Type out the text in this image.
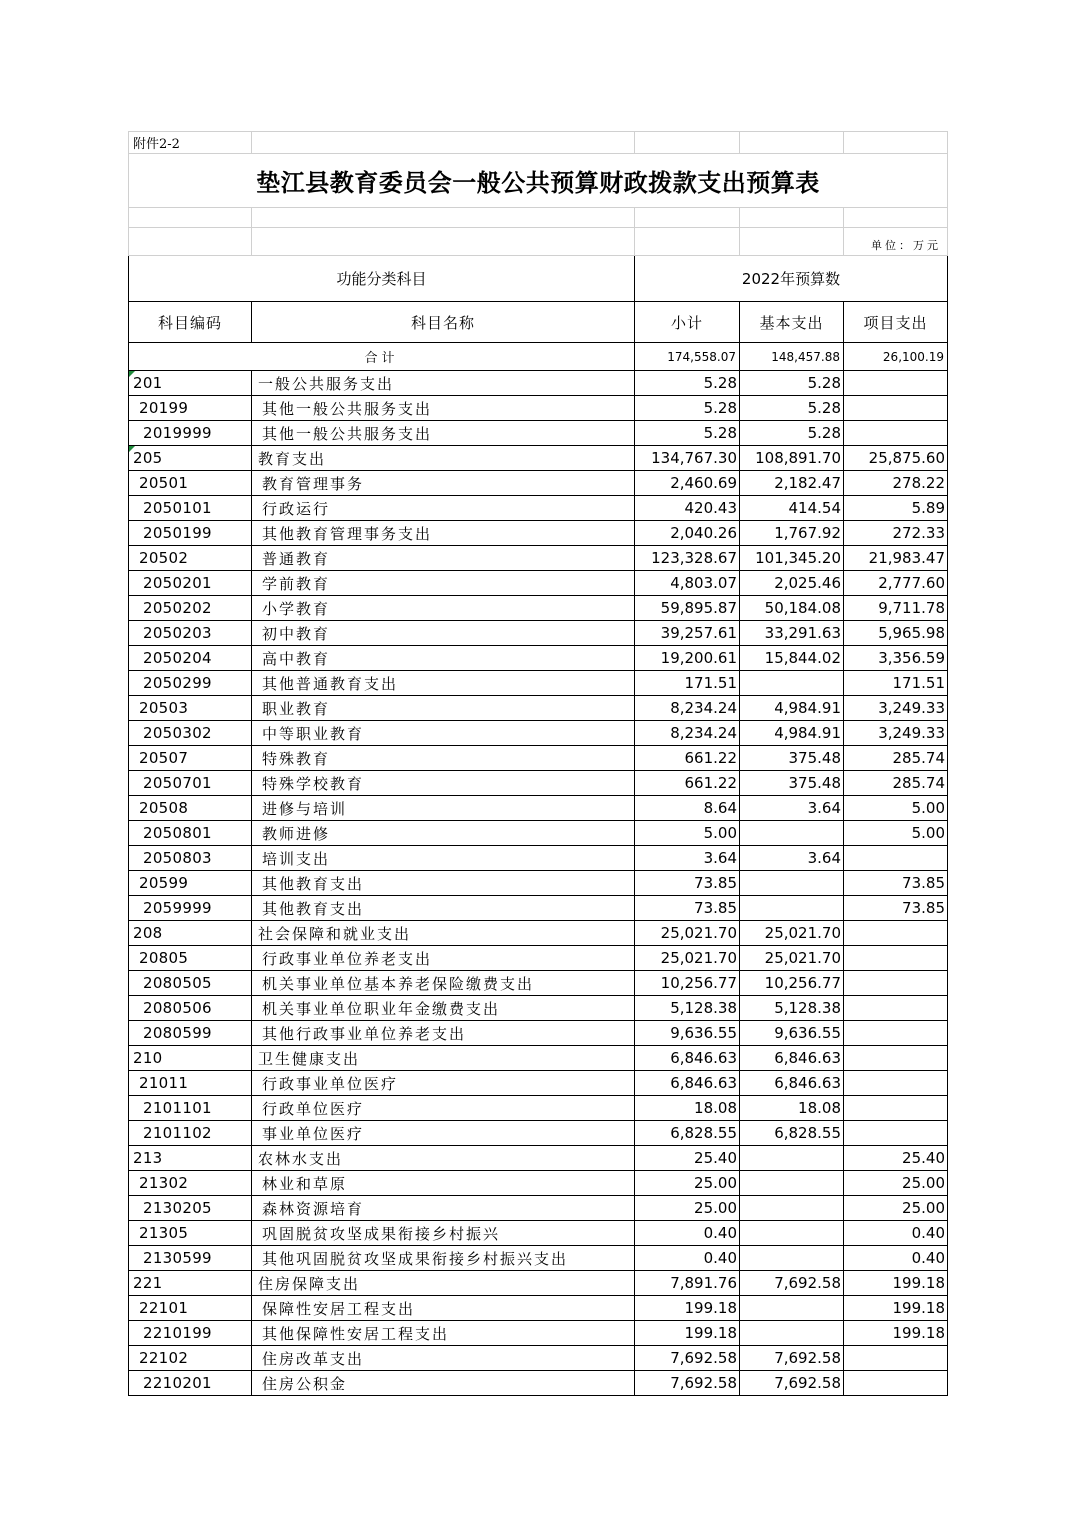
附件2-2				
垫江县教育委员会一般公共预算财政拨款支出预算表				

				单位：万元
功能分类科目		2022年预算数		
科目编码	科目名称	小计	基本支出	项目支出
合计		174,558.07	148,457.88	26,100.19
201	一般公共服务支出	5.28	5.28	
20199	其他一般公共服务支出	5.28	5.28	
2019999	其他一般公共服务支出	5.28	5.28	
205	教育支出	134,767.30	108,891.70	25,875.60
20501	教育管理事务	2,460.69	2,182.47	278.22
2050101	行政运行	420.43	414.54	5.89
2050199	其他教育管理事务支出	2,040.26	1,767.92	272.33
20502	普通教育	123,328.67	101,345.20	21,983.47
2050201	学前教育	4,803.07	2,025.46	2,777.60
2050202	小学教育	59,895.87	50,184.08	9,711.78
2050203	初中教育	39,257.61	33,291.63	5,965.98
2050204	高中教育	19,200.61	15,844.02	3,356.59
2050299	其他普通教育支出	171.51		171.51
20503	职业教育	8,234.24	4,984.91	3,249.33
2050302	中等职业教育	8,234.24	4,984.91	3,249.33
20507	特殊教育	661.22	375.48	285.74
2050701	特殊学校教育	661.22	375.48	285.74
20508	进修与培训	8.64	3.64	5.00
2050801	教师进修	5.00		5.00
2050803	培训支出	3.64	3.64	
20599	其他教育支出	73.85		73.85
2059999	其他教育支出	73.85		73.85
208	社会保障和就业支出	25,021.70	25,021.70	
20805	行政事业单位养老支出	25,021.70	25,021.70	
2080505	机关事业单位基本养老保险缴费支出	10,256.77	10,256.77	
2080506	机关事业单位职业年金缴费支出	5,128.38	5,128.38	
2080599	其他行政事业单位养老支出	9,636.55	9,636.55	
210	卫生健康支出	6,846.63	6,846.63	
21011	行政事业单位医疗	6,846.63	6,846.63	
2101101	行政单位医疗	18.08	18.08	
2101102	事业单位医疗	6,828.55	6,828.55	
213	农林水支出	25.40		25.40
21302	林业和草原	25.00		25.00
2130205	森林资源培育	25.00		25.00
21305	巩固脱贫攻坚成果衔接乡村振兴	0.40		0.40
2130599	其他巩固脱贫攻坚成果衔接乡村振兴支出	0.40		0.40
221	住房保障支出	7,891.76	7,692.58	199.18
22101	保障性安居工程支出	199.18		199.18
2210199	其他保障性安居工程支出	199.18		199.18
22102	住房改革支出	7,692.58	7,692.58	
2210201	住房公积金	7,692.58	7,692.58	
